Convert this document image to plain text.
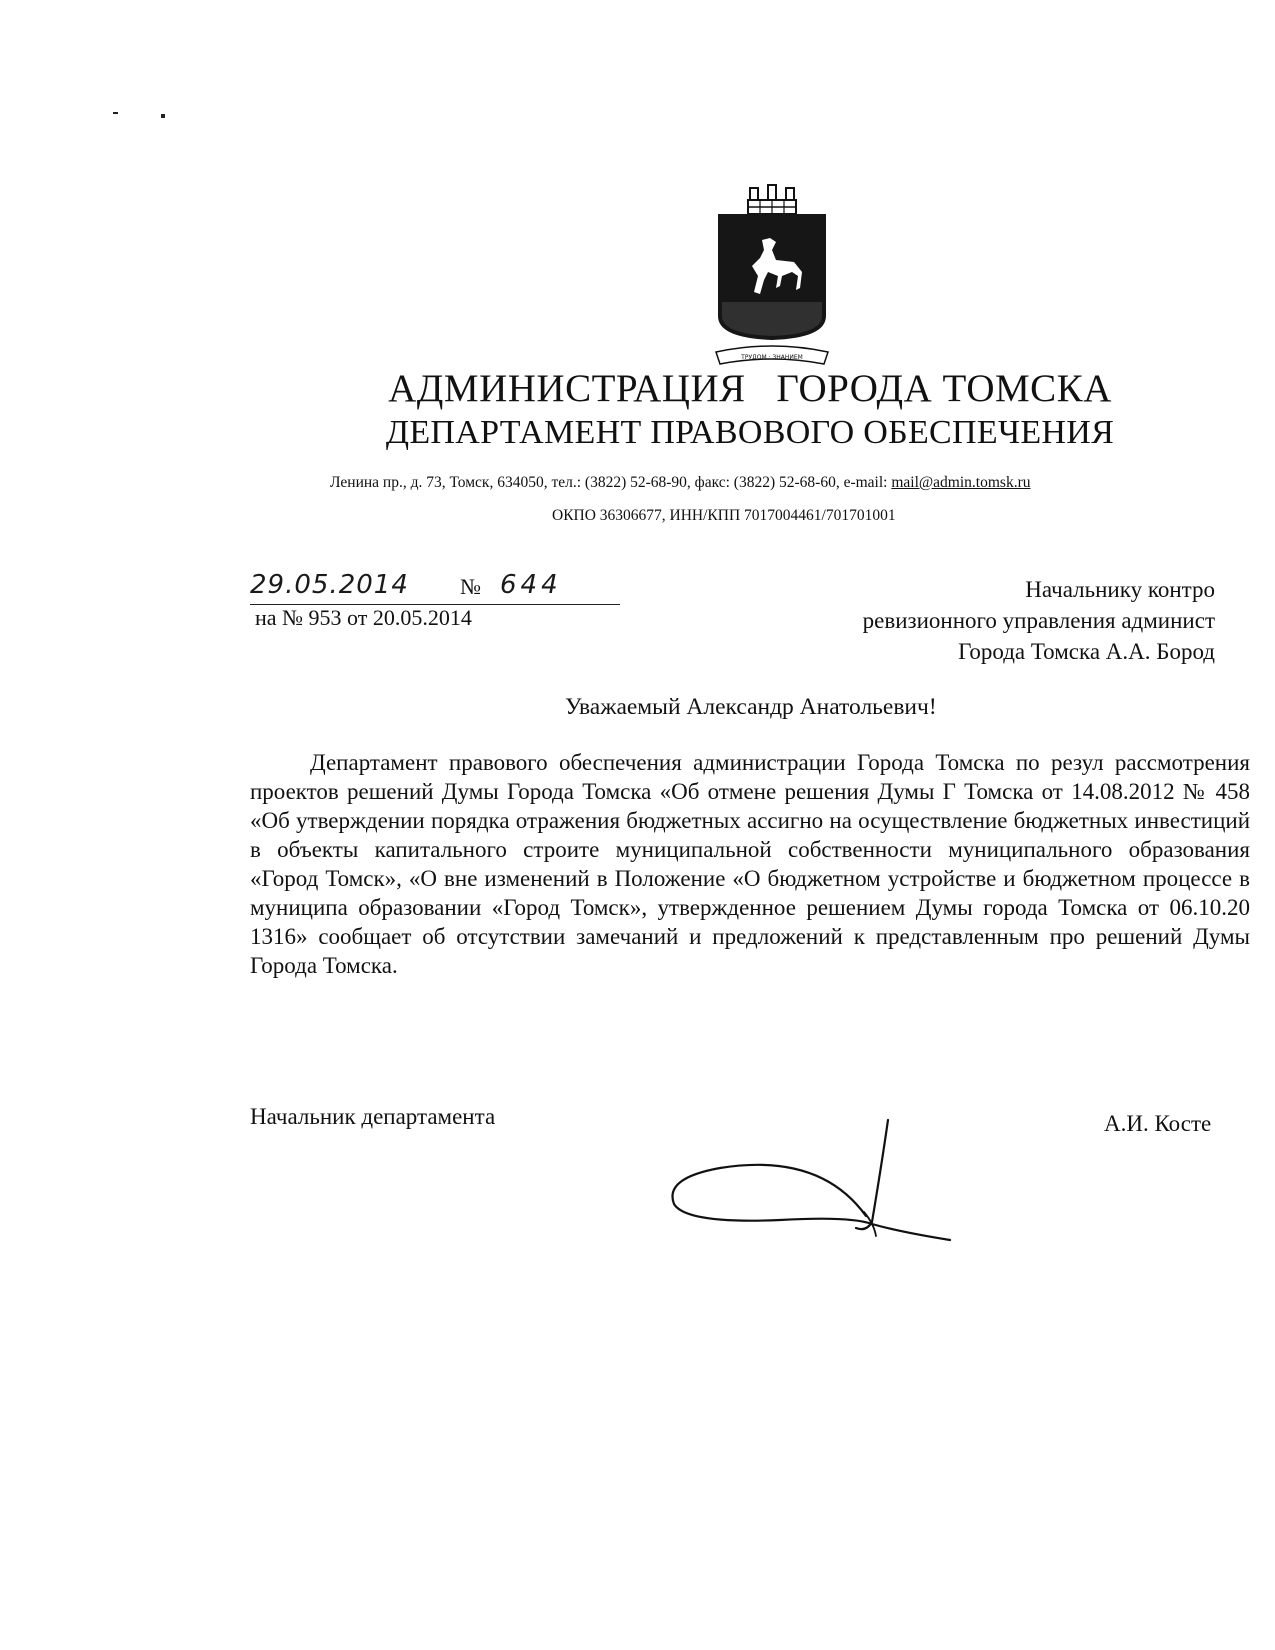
ТРУДОМ · ЗНАНИЕМ
АДМИНИСТРАЦИЯ   ГОРОДА ТОМСКА
ДЕПАРТАМЕНТ ПРАВОВОГО ОБЕСПЕЧЕНИЯ
Ленина пр., д. 73, Томск, 634050, тел.: (3822) 52-68-90, факс: (3822) 52-68-60, e-mail: mail@admin.tomsk.ru
ОКПО 36306677, ИНН/КПП 7017004461/701701001
29.05.2014 № 644
на № 953 от 20.05.2014
Начальнику контро
ревизионного управления админист
Города Томска А.А. Бород
Уважаемый Александр Анатольевич!
Департамент правового обеспечения администрации Города Томска по резул рассмотрения проектов решений Думы Города Томска «Об отмене решения Думы Г Томска от 14.08.2012 № 458 «Об утверждении порядка отражения бюджетных ассигно на осуществление бюджетных инвестиций в объекты капитального строите муниципальной собственности муниципального образования «Город Томск», «О вне изменений в Положение «О бюджетном устройстве и бюджетном процессе в муниципа образовании «Город Томск», утвержденное решением Думы города Томска от 06.10.20 1316» сообщает об отсутствии замечаний и предложений к представленным про решений Думы Города Томска.
Начальник департамента	А.И. Косте
